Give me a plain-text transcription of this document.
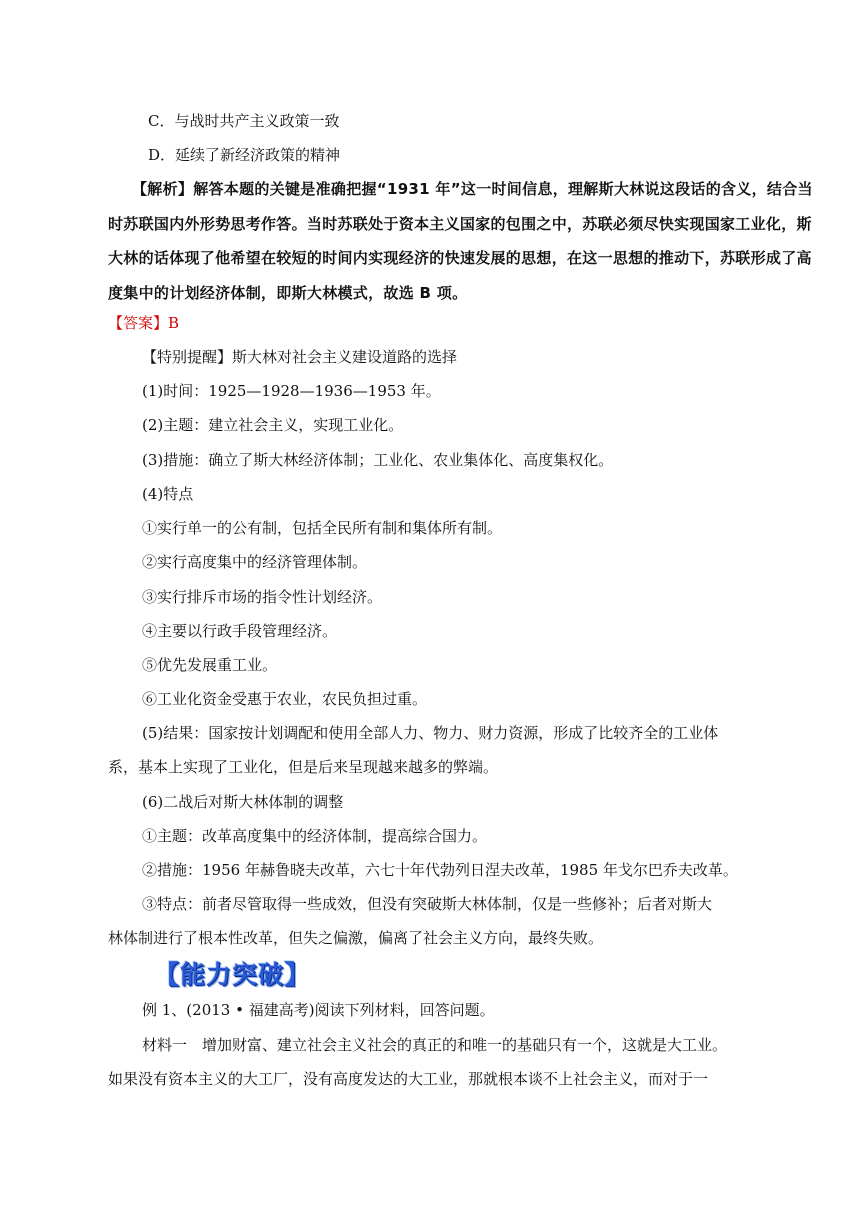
C．与战时共产主义政策一致

D．延续了新经济政策的精神

【解析】解答本题的关键是准确把握“1931 年”这一时间信息，理解斯大林说这段话的含义，结合当

时苏联国内外形势思考作答。当时苏联处于资本主义国家的包围之中，苏联必须尽快实现国家工业化，斯

大林的话体现了他希望在较短的时间内实现经济的快速发展的思想，在这一思想的推动下，苏联形成了高

度集中的计划经济体制，即斯大林模式，故选 B 项。

【答案】B

【特别提醒】斯大林对社会主义建设道路的选择

(1)时间：1925—1928—1936—1953 年。

(2)主题：建立社会主义，实现工业化。

(3)措施：确立了斯大林经济体制；工业化、农业集体化、高度集权化。

(4)特点

①实行单一的公有制，包括全民所有制和集体所有制。

②实行高度集中的经济管理体制。

③实行排斥市场的指令性计划经济。

④主要以行政手段管理经济。

⑤优先发展重工业。

⑥工业化资金受惠于农业，农民负担过重。

(5)结果：国家按计划调配和使用全部人力、物力、财力资源，形成了比较齐全的工业体

系，基本上实现了工业化，但是后来呈现越来越多的弊端。

(6)二战后对斯大林体制的调整

①主题：改革高度集中的经济体制，提高综合国力。

②措施：1956 年赫鲁晓夫改革，六七十年代勃列日涅夫改革，1985 年戈尔巴乔夫改革。

③特点：前者尽管取得一些成效，但没有突破斯大林体制，仅是一些修补；后者对斯大

林体制进行了根本性改革，但失之偏激，偏离了社会主义方向，最终失败。

【能力突破】

例 1、(2013 • 福建高考)阅读下列材料，回答问题。

材料一　增加财富、建立社会主义社会的真正的和唯一的基础只有一个，这就是大工业。

如果没有资本主义的大工厂，没有高度发达的大工业，那就根本谈不上社会主义，而对于一
